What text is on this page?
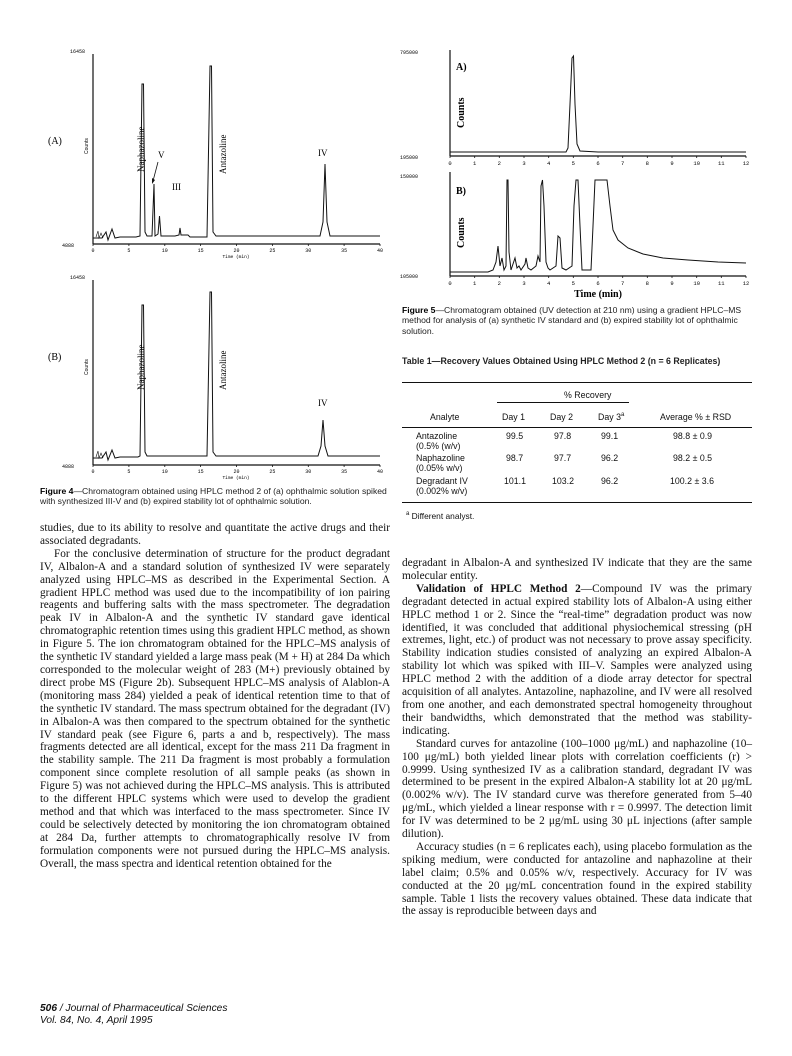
16458
4888
(A)	Counts
0	5	10	15	20	25	30	35	40
Time (min)
Naphazoline V
III
Antazoline	IV
16458
4888
(B)
Counts
0	5	10	15	20	25	30	35	40
Time (min)
Naphazoline	Antazoline
IV
Figure 4—Chromatogram obtained using HPLC method 2 of (a) ophthalmic solution spiked with synthesized III-V and (b) expired stability lot of ophthalmic solution.

studies, due to its ability to resolve and quantitate the active drugs and their associated degradants.

For the conclusive determination of structure for the product degradant IV, Albalon-A and a standard solution of synthesized IV were separately analyzed using HPLC–MS as described in the Experimental Section. A gradient HPLC method was used due to the incompatibility of ion pairing reagents and buffering salts with the mass spectrometer. The degradation peak IV in Albalon-A and the synthetic IV standard gave identical chromatographic retention times using this gradient HPLC method, as shown in Figure 5. The ion chromatogram obtained for the HPLC–MS analysis of the synthetic IV standard yielded a large mass peak (M + H) at 284 Da which corresponded to the molecular weight of 283 (M+) previously obtained by direct probe MS (Figure 2b). Subsequent HPLC–MS analysis of Alablon-A (monitoring mass 284) yielded a peak of identical retention time to that of the synthetic IV standard. The mass spectrum obtained for the degradant (IV) in Albalon-A was then compared to the spectrum obtained for the synthetic IV standard peak (see Figure 6, parts a and b, respectively). The mass fragments detected are all identical, except for the mass 211 Da fragment in the stability sample. The 211 Da fragment is most probably a formulation component since complete resolution of all sample peaks (as shown in Figure 5) was not achieved during the HPLC–MS analysis. This is attributed to the different HPLC systems which were used to develop the gradient method and that which was interfaced to the mass spectrometer. Since IV could be selectively detected by monitoring the ion chromatogram obtained at 284 Da, further attempts to chromatographically resolve IV from formulation components were not pursued during the HPLC–MS analysis. Overall, the mass spectra and identical retention obtained for the

795000
195000
A)
Counts
0	1	2	3	4	5	6	7	8	9	10	11	12
150000
105000
B)
Counts
0	1	2	3	4	5	6	7	8	9	10	11	12
Time (min)
Figure 5—Chromatogram obtained (UV detection at 210 nm) using a gradient HPLC–MS method for analysis of (a) synthetic IV standard and (b) expired stability lot of ophthalmic solution.
Table 1—Recovery Values Obtained Using HPLC Method 2 (n = 6 Replicates)
% Recovery
Analyte	Day 1	Day 2	Day 3$^a$	Average % ± RSD
Antazoline
(0.5% (w/v)
99.5	97.8	99.1	98.8 ± 0.9
Naphazoline
(0.05% w/v)
98.7	97.7	96.2	98.2 ± 0.5
Degradant IV
(0.002% w/v)
101.1	103.2	96.2	100.2 ± 3.6
$^a$ Different analyst.

degradant in Albalon-A and synthesized IV indicate that they are the same molecular entity.

Validation of HPLC Method 2—Compound IV was the primary degradant detected in actual expired stability lots of Albalon-A using either HPLC method 1 or 2. Since the “real-time” degradation product was now identified, it was concluded that additional physiochemical stressing (pH extremes, light, etc.) of product was not necessary to prove assay specificity. Stability indication studies consisted of analyzing an expired Albalon-A stability lot which was spiked with III–V. Samples were analyzed using HPLC method 2 with the addition of a diode array detector for spectral acquisition of all analytes. Antazoline, naphazoline, and IV were all resolved from one another, and each demonstrated spectral homogeneity throughout their bandwidths, which demonstrated that the method was stability-indicating.

Standard curves for antazoline (100–1000 μg/mL) and naphazoline (10–100 μg/mL) both yielded linear plots with correlation coefficients (r) > 0.9999. Using synthesized IV as a calibration standard, degradant IV was determined to be present in the expired Albalon-A stability lot at 20 μg/mL (0.002% w/v). The IV standard curve was therefore generated from 5–40 μg/mL, which yielded a linear response with r = 0.9997. The detection limit for IV was determined to be 2 μg/mL using 30 μL injections (after sample dilution).

Accuracy studies (n = 6 replicates each), using placebo formulation as the spiking medium, were conducted for antazoline and naphazoline at their label claim; 0.5% and 0.05% w/v, respectively. Accuracy for IV was conducted at the 20 μg/mL concentration found in the expired stability sample. Table 1 lists the recovery values obtained. These data indicate that the assay is reproducible between days and

506 / Journal of Pharmaceutical Sciences
Vol. 84, No. 4, April 1995
